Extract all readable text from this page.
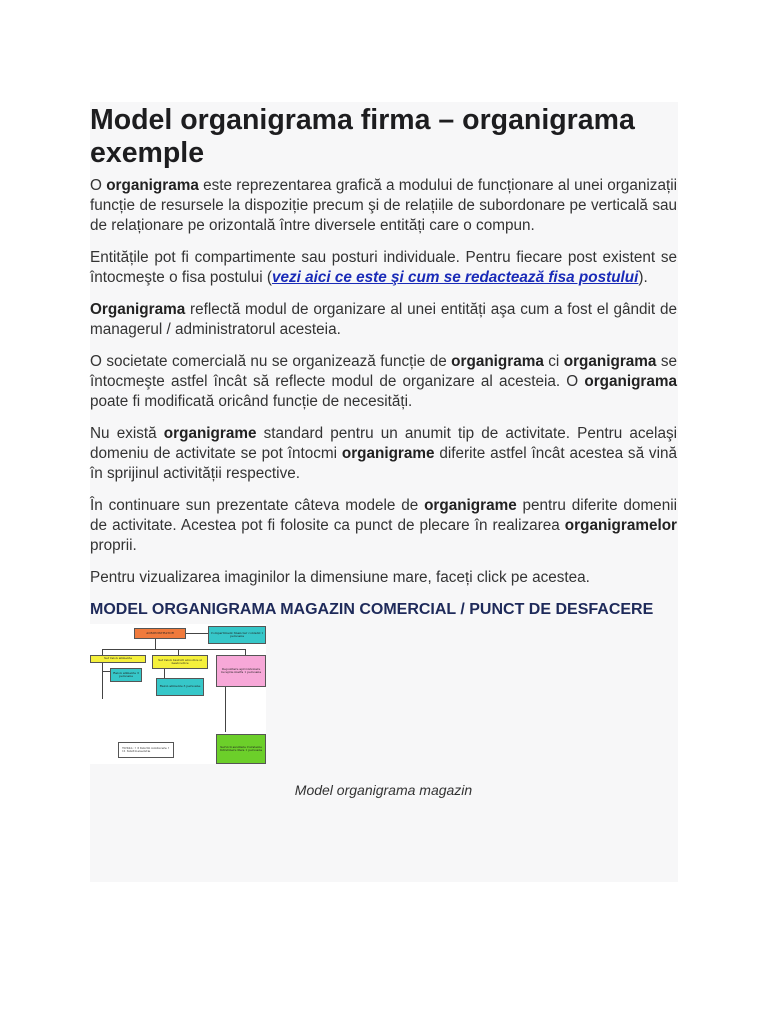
Model organigrama firma – organigrama exemple

O organigrama este reprezentarea grafică a modului de funcționare al unei organizații funcție de resursele la dispoziție precum şi de relațiile de subordonare pe verticală sau de relaționare pe orizontală între diversele entități care o compun.

Entitățile pot fi compartimente sau posturi individuale. Pentru fiecare post existent se întocmeşte o fisa postului (vezi aici ce este şi cum se redactează fisa postului).

Organigrama reflectă modul de organizare al unei entități aşa cum a fost el gândit de managerul / administratorul acesteia.

O societate comercială nu se organizează funcție de organigrama ci organigrama se întocmeşte astfel încât să reflecte modul de organizare al acesteia. O organigrama poate fi modificată oricând funcție de necesități.

Nu există organigrame standard pentru un anumit tip de activitate. Pentru acelaşi domeniu de activitate se pot întocmi organigrame diferite astfel încât acestea să vină în sprijinul activității respective.

În continuare sun prezentate câteva modele de organigrame pentru diferite domenii de activitate. Acestea pot fi folosite ca punct de plecare în realizarea organigramelor proprii.

Pentru vizualizarea imaginilor la dimensiune mare, faceți click pe acestea.

MODEL ORGANIGRAMA MAGAZIN COMERCIAL / PUNCT DE DESFACERE
ADMINISTRATOR	Compartiment financiar contabil 1 persoana
Sef raion alimente	Sef raion bauturi alcoolice si nealcoolice
Depozitare aprovizionare receptie marfa 1 persoana
Raion alimente 3 persoane
Raion alimente 3 persoane
Servicii auxiliare Curatenie Intretinere Paza 1 persoana
TOTAL: • 3 functii conducere • 11 functii executie
Model organigrama magazin
